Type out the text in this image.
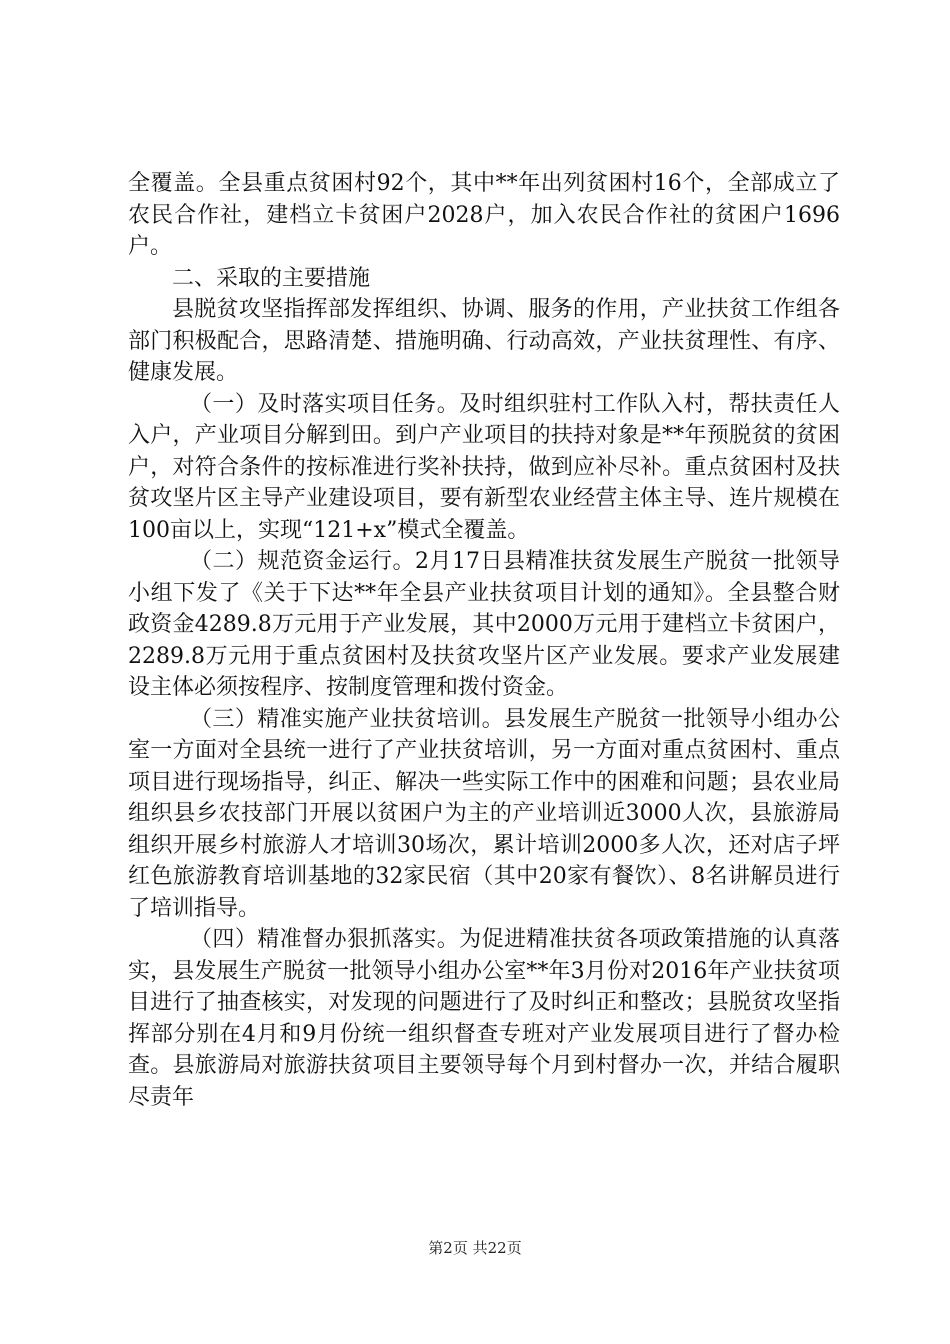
全覆盖。全县重点贫困村92个，其中**年出列贫困村16个，全部成立了农民合作社，建档立卡贫困户2028户，加入农民合作社的贫困户1696户。

二、采取的主要措施

县脱贫攻坚指挥部发挥组织、协调、服务的作用，产业扶贫工作组各部门积极配合，思路清楚、措施明确、行动高效，产业扶贫理性、有序、健康发展。

（一）及时落实项目任务。及时组织驻村工作队入村，帮扶责任人入户，产业项目分解到田。到户产业项目的扶持对象是**年预脱贫的贫困户，对符合条件的按标准进行奖补扶持，做到应补尽补。重点贫困村及扶贫攻坚片区主导产业建设项目，要有新型农业经营主体主导、连片规模在100亩以上，实现“121+x”模式全覆盖。

（二）规范资金运行。2月17日县精准扶贫发展生产脱贫一批领导小组下发了《关于下达**年全县产业扶贫项目计划的通知》。全县整合财政资金4289.8万元用于产业发展，其中2000万元用于建档立卡贫困户，2289.8万元用于重点贫困村及扶贫攻坚片区产业发展。要求产业发展建设主体必须按程序、按制度管理和拨付资金。

（三）精准实施产业扶贫培训。县发展生产脱贫一批领导小组办公室一方面对全县统一进行了产业扶贫培训，另一方面对重点贫困村、重点项目进行现场指导，纠正、解决一些实际工作中的困难和问题；县农业局组织县乡农技部门开展以贫困户为主的产业培训近3000人次，县旅游局组织开展乡村旅游人才培训30场次，累计培训2000多人次，还对店子坪红色旅游教育培训基地的32家民宿（其中20家有餐饮）、8名讲解员进行了培训指导。

（四）精准督办狠抓落实。为促进精准扶贫各项政策措施的认真落实，县发展生产脱贫一批领导小组办公室**年3月份对2016年产业扶贫项目进行了抽查核实，对发现的问题进行了及时纠正和整改；县脱贫攻坚指挥部分别在4月和9月份统一组织督查专班对产业发展项目进行了督办检查。县旅游局对旅游扶贫项目主要领导每个月到村督办一次，并结合履职尽责年

第2页 共22页
